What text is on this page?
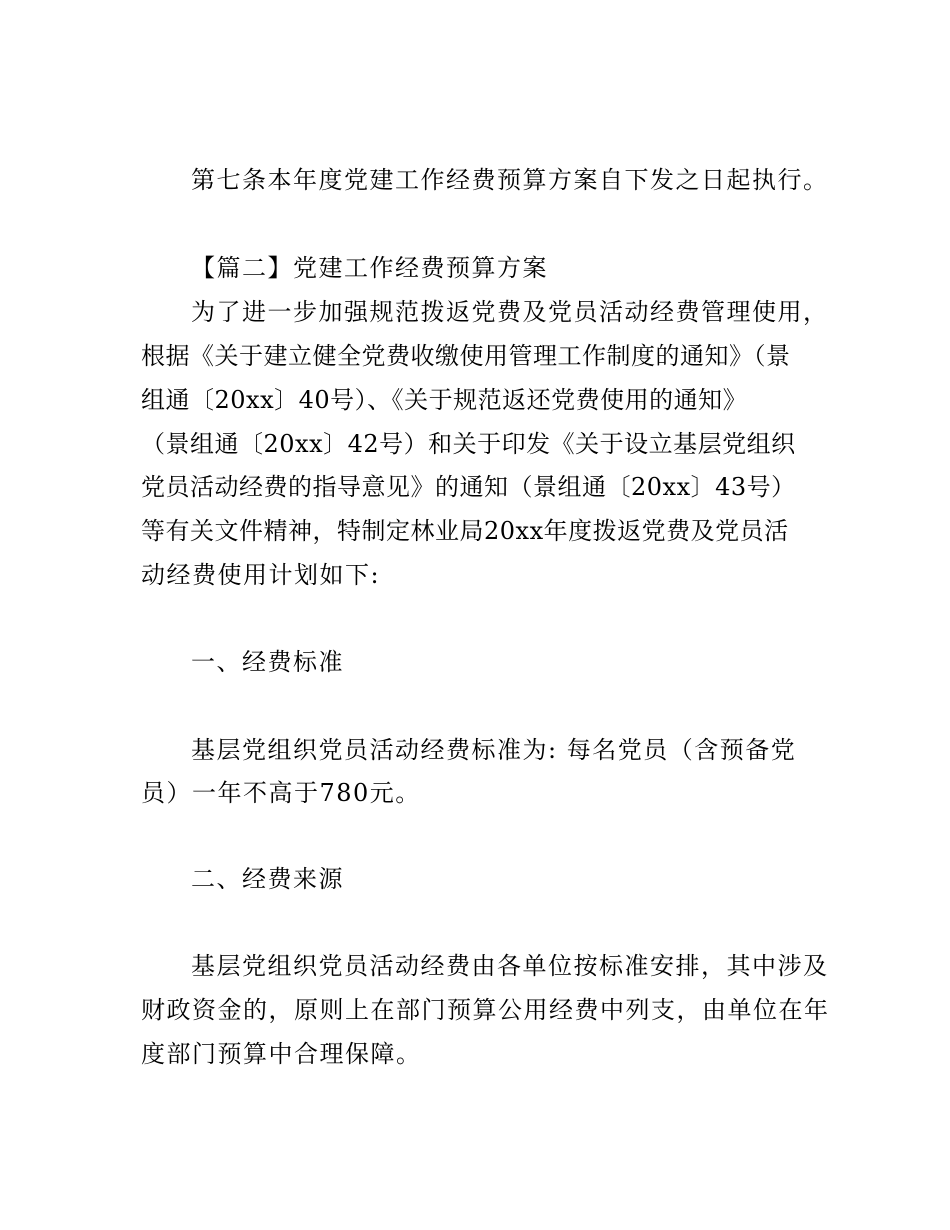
第七条本年度党建工作经费预算方案自下发之日起执行。
【篇二】党建工作经费预算方案
为了进一步加强规范拨返党费及党员活动经费管理使用，
根据《关于建立健全党费收缴使用管理工作制度的通知》（景
组通〔20xx〕40号）、《关于规范返还党费使用的通知》
（景组通〔20xx〕42号）和关于印发《关于设立基层党组织
党员活动经费的指导意见》的通知（景组通〔20xx〕43号）
等有关文件精神，特制定林业局20xx年度拨返党费及党员活
动经费使用计划如下:
一、经费标准
基层党组织党员活动经费标准为: 每名党员（含预备党
员）一年不高于780元。
二、经费来源
基层党组织党员活动经费由各单位按标准安排，其中涉及
财政资金的，原则上在部门预算公用经费中列支，由单位在年
度部门预算中合理保障。
